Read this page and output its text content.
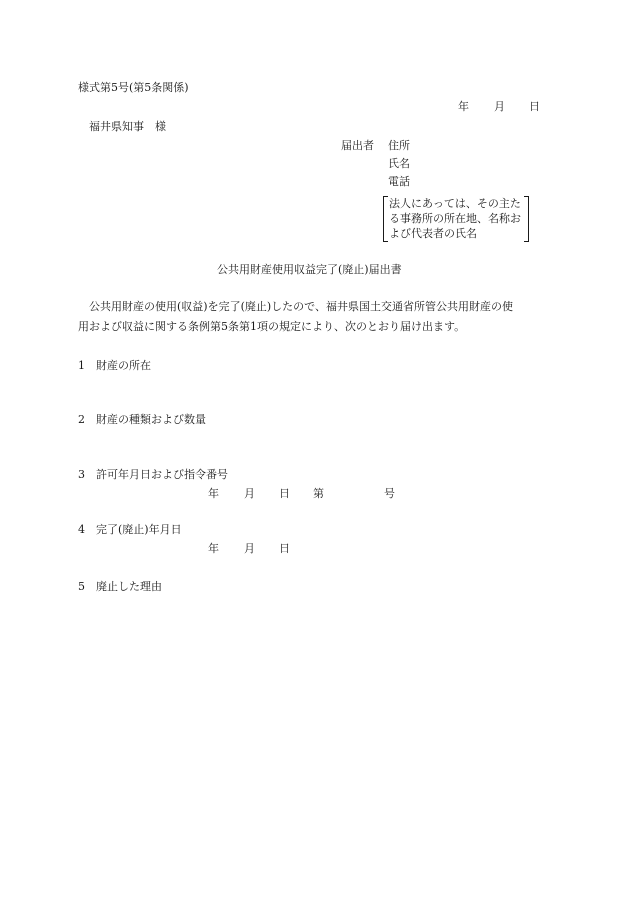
様式第5号(第5条関係)
年 月 日
福井県知事　様
届出者 住所
氏名
電話
法人にあっては、その主た
る事務所の所在地、名称お
よび代表者の氏名
公共用財産使用収益完了(廃止)届出書
　公共用財産の使用(収益)を完了(廃止)したので、福井県国土交通省所管公共用財産の使
用および収益に関する条例第5条第1項の規定により、次のとおり届け出ます。
1 財産の所在
2 財産の種類および数量
3 許可年月日および指令番号
年 月 日 第	号
4 完了(廃止)年月日
年 月 日
5 廃止した理由
